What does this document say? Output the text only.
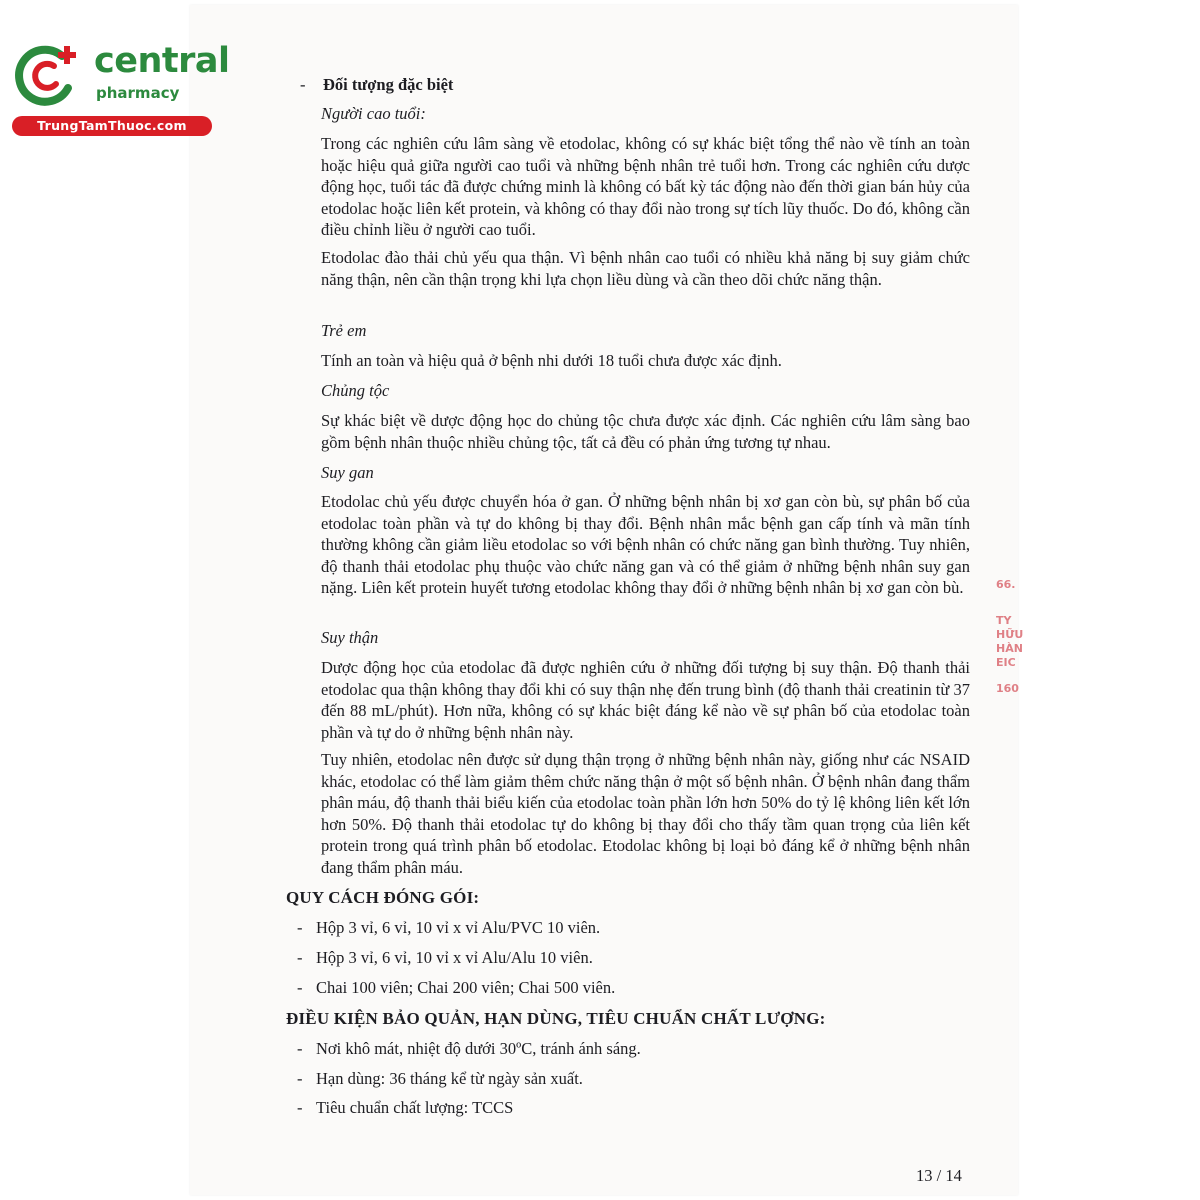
central
pharmacy
TrungTamThuoc.com
- Đối tượng đặc biệt

Người cao tuổi:

Trong các nghiên cứu lâm sàng về etodolac, không có sự khác biệt tổng thể nào về tính an toàn hoặc hiệu quả giữa người cao tuổi và những bệnh nhân trẻ tuổi hơn. Trong các nghiên cứu dược động học, tuổi tác đã được chứng minh là không có bất kỳ tác động nào đến thời gian bán hủy của etodolac hoặc liên kết protein, và không có thay đổi nào trong sự tích lũy thuốc. Do đó, không cần điều chỉnh liều ở người cao tuổi.

Etodolac đào thải chủ yếu qua thận. Vì bệnh nhân cao tuổi có nhiều khả năng bị suy giảm chức năng thận, nên cần thận trọng khi lựa chọn liều dùng và cần theo dõi chức năng thận.

Trẻ em

Tính an toàn và hiệu quả ở bệnh nhi dưới 18 tuổi chưa được xác định.

Chủng tộc

Sự khác biệt về dược động học do chủng tộc chưa được xác định. Các nghiên cứu lâm sàng bao gồm bệnh nhân thuộc nhiều chủng tộc, tất cả đều có phản ứng tương tự nhau.

Suy gan

Etodolac chủ yếu được chuyển hóa ở gan. Ở những bệnh nhân bị xơ gan còn bù, sự phân bố của etodolac toàn phần và tự do không bị thay đổi. Bệnh nhân mắc bệnh gan cấp tính và mãn tính thường không cần giảm liều etodolac so với bệnh nhân có chức năng gan bình thường. Tuy nhiên, độ thanh thải etodolac phụ thuộc vào chức năng gan và có thể giảm ở những bệnh nhân suy gan nặng. Liên kết protein huyết tương etodolac không thay đổi ở những bệnh nhân bị xơ gan còn bù.

Suy thận

Dược động học của etodolac đã được nghiên cứu ở những đối tượng bị suy thận. Độ thanh thải etodolac qua thận không thay đổi khi có suy thận nhẹ đến trung bình (độ thanh thải creatinin từ 37 đến 88 mL/phút). Hơn nữa, không có sự khác biệt đáng kể nào về sự phân bố của etodolac toàn phần và tự do ở những bệnh nhân này.

Tuy nhiên, etodolac nên được sử dụng thận trọng ở những bệnh nhân này, giống như các NSAID khác, etodolac có thể làm giảm thêm chức năng thận ở một số bệnh nhân. Ở bệnh nhân đang thẩm phân máu, độ thanh thải biểu kiến của etodolac toàn phần lớn hơn 50% do tỷ lệ không liên kết lớn hơn 50%. Độ thanh thải etodolac tự do không bị thay đổi cho thấy tầm quan trọng của liên kết protein trong quá trình phân bố etodolac. Etodolac không bị loại bỏ đáng kể ở những bệnh nhân đang thẩm phân máu.

QUY CÁCH ĐÓNG GÓI:

- Hộp 3 vỉ, 6 vỉ, 10 vỉ x vỉ Alu/PVC 10 viên.

- Hộp 3 vỉ, 6 vỉ, 10 vỉ x vỉ Alu/Alu 10 viên.

- Chai 100 viên; Chai 200 viên; Chai 500 viên.

ĐIỀU KIỆN BẢO QUẢN, HẠN DÙNG, TIÊU CHUẨN CHẤT LƯỢNG:

- Nơi khô mát, nhiệt độ dưới 30ºC, tránh ánh sáng.

- Hạn dùng: 36 tháng kể từ ngày sản xuất.

- Tiêu chuẩn chất lượng: TCCS

13 / 14

66.
TY
HỮU
HÀN
EIC
160
